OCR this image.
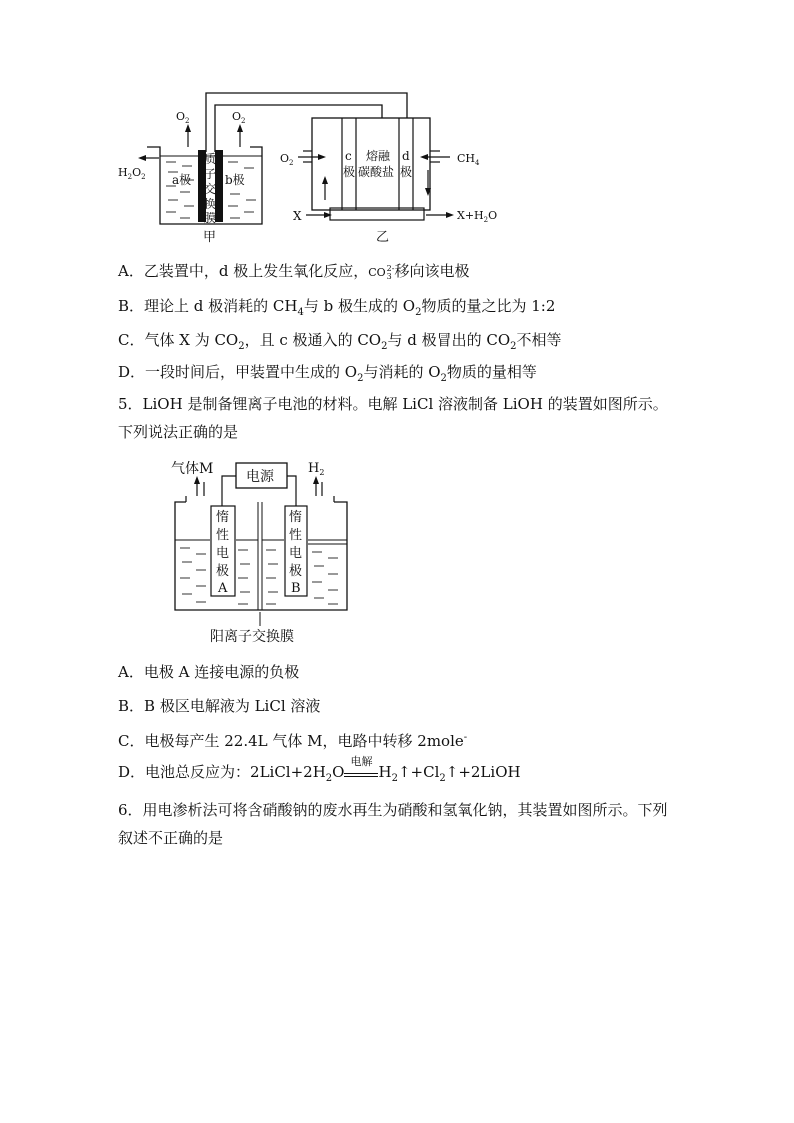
$O_2$	$O_2$
$H_2O_2$ a极	b极
质
子
交
换
膜
甲
$O_2$	$CH_4$
X	$X+H_2O$
c
极
d
极
熔融
碳酸盐
乙
A．乙装置中，d 极上发生氧化反应，CO2-
3 移向该电极
B．理论上 d 极消耗的 $CH_4$与 b 极生成的 $O_2$物质的量之比为 1:2
C．气体 X 为 $CO_2$，且 c 极通入的 $CO_2$与 d 极冒出的 $CO_2$不相等
D．一段时间后，甲装置中生成的 $O_2$与消耗的 $O_2$物质的量相等
5．LiOH 是制备锂离子电池的材料。电解 LiCl 溶液制备 LiOH 的装置如图所示。下列说法正确的是
电源
惰
性
电
极
A
惰
性
电
极
B
气体M	$H_2$
阳离子交换膜
A．电极 A 连接电源的负极
B．B 极区电解液为 LiCl 溶液
C．电极每产生 22.4L 气体 M，电路中转移 2mole-
D．电池总反应为：$2LiCl+2H_2O$
电解
$H_2↑+Cl_2↑+2LiOH$
6．用电渗析法可将含硝酸钠的废水再生为硝酸和氢氧化钠，其装置如图所示。下列叙述不正确的是
